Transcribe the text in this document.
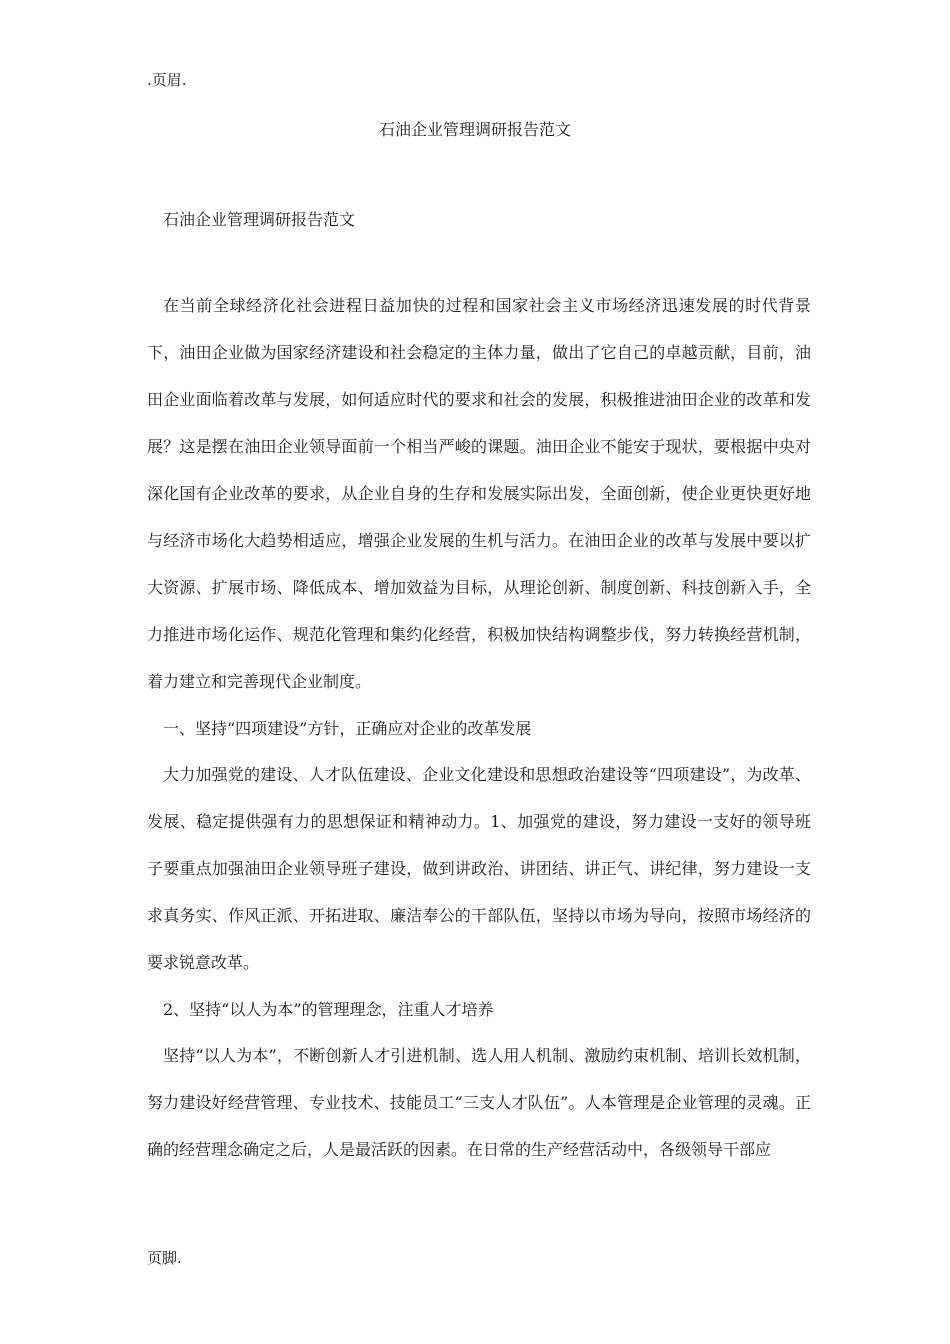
.页眉.
石油企业管理调研报告范文
石油企业管理调研报告范文

在当前全球经济化社会进程日益加快的过程和国家社会主义市场经济迅速发展的时代背景下，油田企业做为国家经济建设和社会稳定的主体力量，做出了它自己的卓越贡献，目前，油田企业面临着改革与发展，如何适应时代的要求和社会的发展，积极推进油田企业的改革和发展？这是摆在油田企业领导面前一个相当严峻的课题。油田企业不能安于现状，要根据中央对深化国有企业改革的要求，从企业自身的生存和发展实际出发，全面创新，使企业更快更好地与经济市场化大趋势相适应，增强企业发展的生机与活力。在油田企业的改革与发展中要以扩大资源、扩展市场、降低成本、增加效益为目标，从理论创新、制度创新、科技创新入手，全力推进市场化运作、规范化管理和集约化经营，积极加快结构调整步伐，努力转换经营机制，着力建立和完善现代企业制度。

一、坚持“四项建设”方针，正确应对企业的改革发展

大力加强党的建设、人才队伍建设、企业文化建设和思想政治建设等“四项建设”，为改革、发展、稳定提供强有力的思想保证和精神动力。1、加强党的建设，努力建设一支好的领导班子要重点加强油田企业领导班子建设，做到讲政治、讲团结、讲正气、讲纪律，努力建设一支求真务实、作风正派、开拓进取、廉洁奉公的干部队伍，坚持以市场为导向，按照市场经济的要求锐意改革。

2、坚持“以人为本”的管理理念，注重人才培养

坚持“以人为本”，不断创新人才引进机制、选人用人机制、激励约束机制、培训长效机制，努力建设好经营管理、专业技术、技能员工“三支人才队伍”。人本管理是企业管理的灵魂。正确的经营理念确定之后，人是最活跃的因素。在日常的生产经营活动中，各级领导干部应

页脚.
